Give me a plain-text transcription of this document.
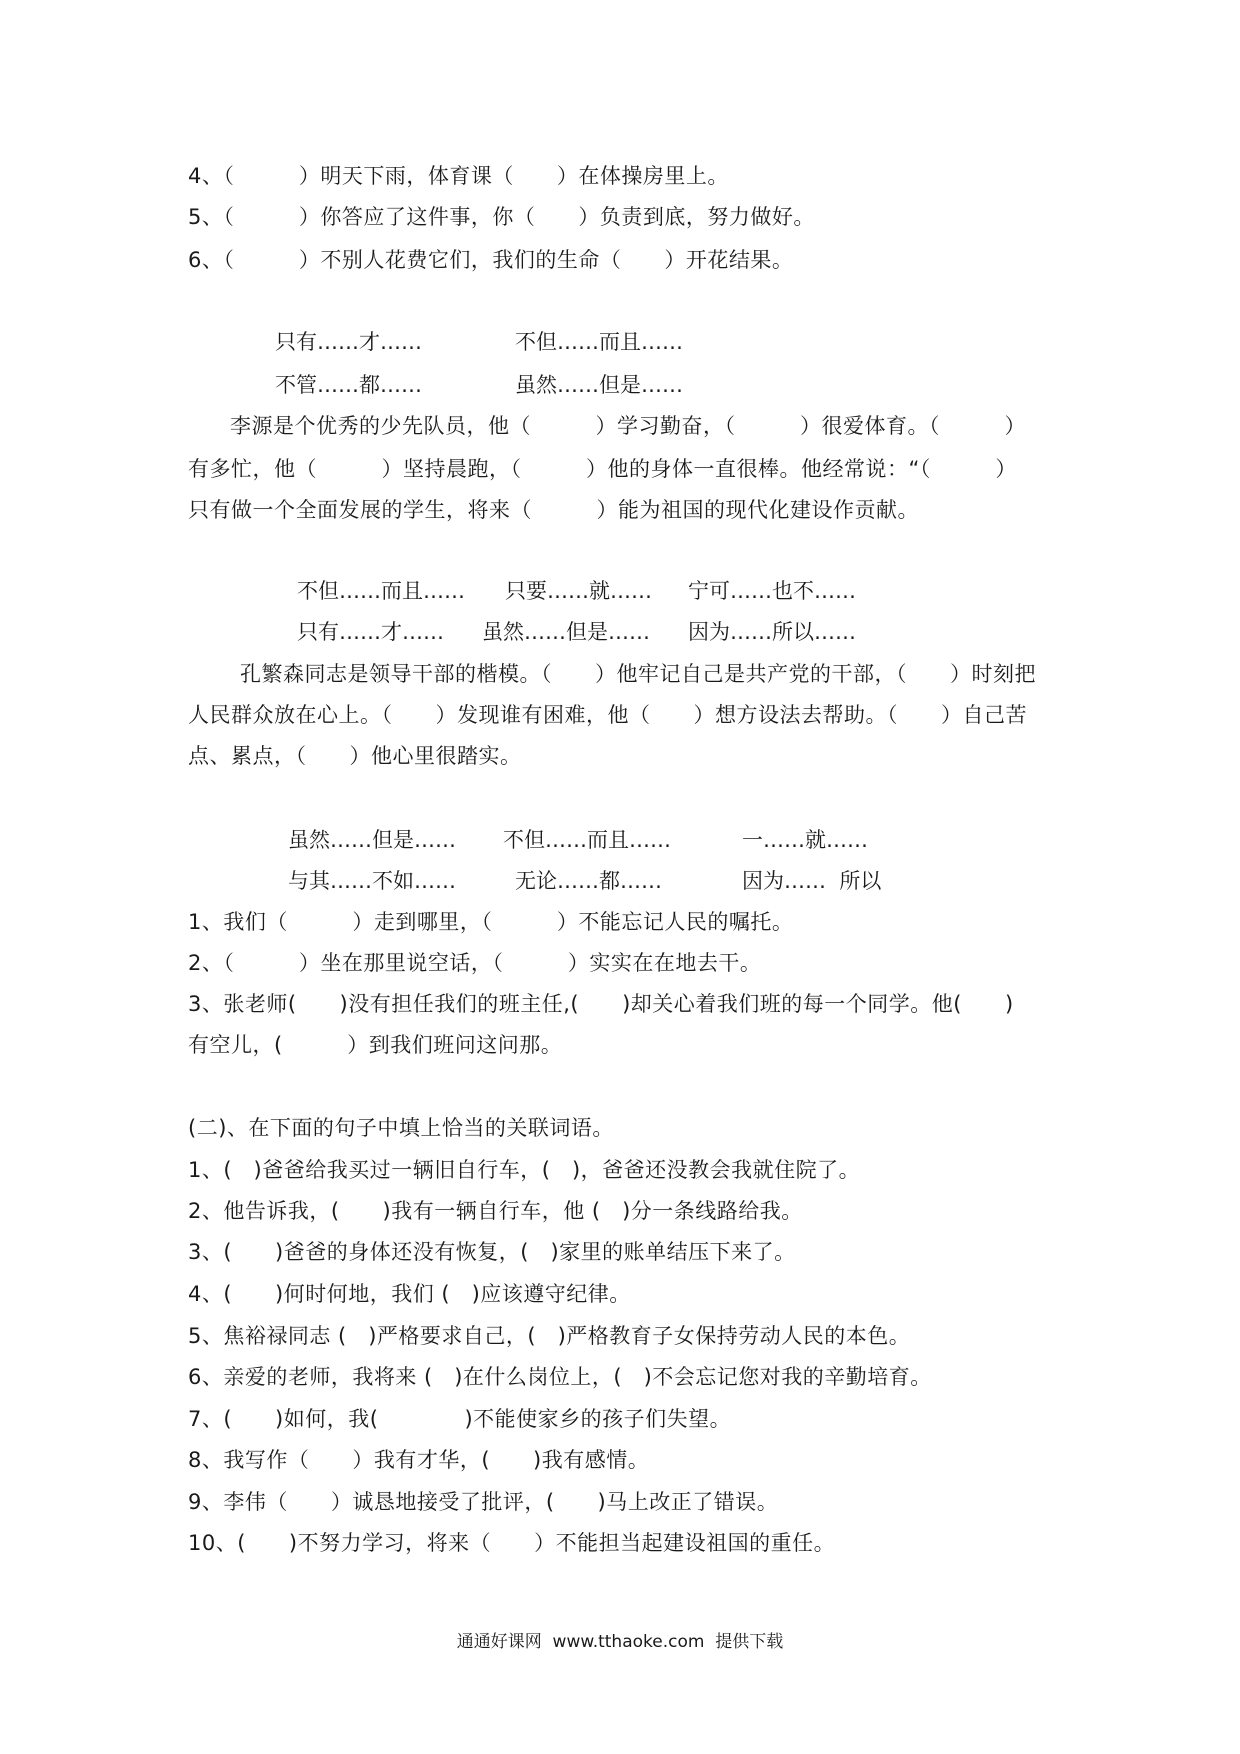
4、（　　　）明天下雨，体育课（　　）在体操房里上。
5、（　　　）你答应了这件事，你（　　）负责到底，努力做好。
6、（　　　）不别人花费它们，我们的生命（　　）开花结果。
只有……才……	不但……而且……
不管……都……	虽然……但是……
李源是个优秀的少先队员，他（　　　）学习勤奋，（　　　）很爱体育。（　　　）
有多忙，他（　　　）坚持晨跑，（　　　）他的身体一直很棒。他经常说：“（　　　）
只有做一个全面发展的学生，将来（　　　）能为祖国的现代化建设作贡献。
不但……而且…… 只要……就…… 宁可……也不……
只有……才…… 虽然……但是…… 因为……所以……
孔繁森同志是领导干部的楷模。（　　）他牢记自己是共产党的干部，（　　）时刻把
人民群众放在心上。（　　）发现谁有困难，他（　　）想方设法去帮助。（　　）自己苦
点、累点，（　　）他心里很踏实。
虽然……但是…… 不但……而且……	一……就……
与其……不如……	无论……都……	因为……  所以
1、我们（　　　）走到哪里，（　　　）不能忘记人民的嘱托。
2、（　　　）坐在那里说空话，（　　　）实实在在地去干。
3、张老师(　　)没有担任我们的班主任,(　　)却关心着我们班的每一个同学。他(　　)
有空儿，(　　　）到我们班问这问那。
(二)、在下面的句子中填上恰当的关联词语。
1、(　)爸爸给我买过一辆旧自行车，(　)，爸爸还没教会我就住院了。
2、他告诉我，(　　)我有一辆自行车，他 (　)分一条线路给我。
3、(　　)爸爸的身体还没有恢复，(　)家里的账单结压下来了。
4、(　　)何时何地，我们 (　)应该遵守纪律。
5、焦裕禄同志 (　)严格要求自己，(　)严格教育子女保持劳动人民的本色。
6、亲爱的老师，我将来 (　)在什么岗位上，(　)不会忘记您对我的辛勤培育。
7、(　　)如何，我(　　　　)不能使家乡的孩子们失望。
8、我写作（　　）我有才华，(　　)我有感情。
9、李伟（　　）诚恳地接受了批评，(　　)马上改正了错误。
10、(　　)不努力学习，将来（　　）不能担当起建设祖国的重任。
通通好课网  www.tthaoke.com  提供下载
